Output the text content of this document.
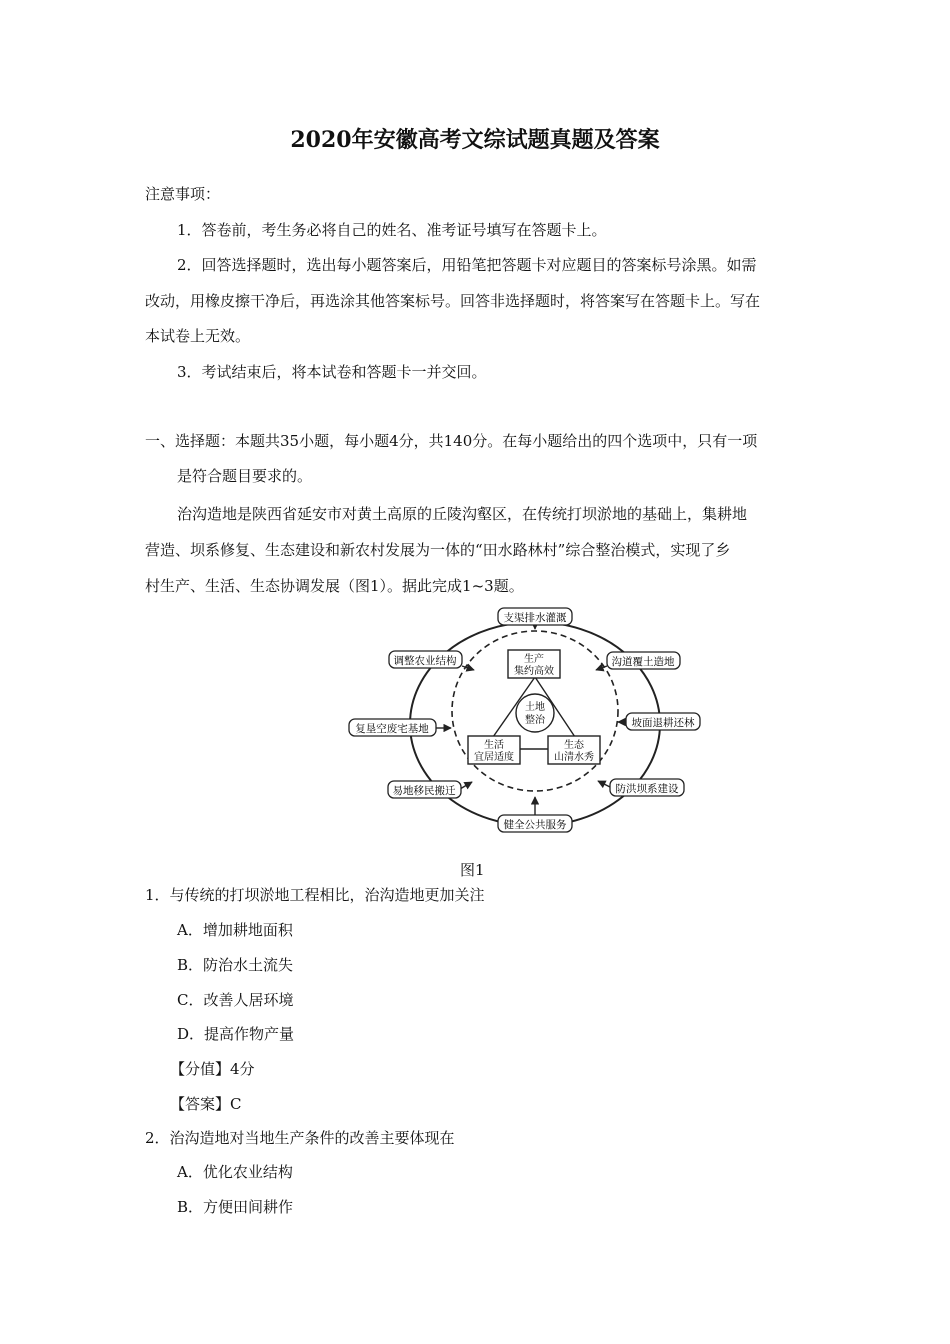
2020年安徽高考文综试题真题及答案
注意事项：
1．答卷前，考生务必将自己的姓名、准考证号填写在答题卡上。
2．回答选择题时，选出每小题答案后，用铅笔把答题卡对应题目的答案标号涂黑。如需
改动，用橡皮擦干净后，再选涂其他答案标号。回答非选择题时，将答案写在答题卡上。写在
本试卷上无效。
3．考试结束后，将本试卷和答题卡一并交回。
一、选择题：本题共35小题，每小题4分，共140分。在每小题给出的四个选项中，只有一项
是符合题目要求的。
治沟造地是陕西省延安市对黄土高原的丘陵沟壑区，在传统打坝淤地的基础上，集耕地
营造、坝系修复、生态建设和新农村发展为一体的“田水路林村”综合整治模式，实现了乡
村生产、生活、生态协调发展（图1）。据此完成1~3题。
土地
整治
生产
集约高效
生活
宜居适度
生态
山清水秀
支渠排水灌溉
调整农业结构	沟道覆土造地
复垦空废宅基地	坡面退耕还林
易地移民搬迁	防洪坝系建设
健全公共服务
图1
1．与传统的打坝淤地工程相比，治沟造地更加关注
A．增加耕地面积
B．防治水土流失
C．改善人居环境
D．提高作物产量
【分值】4分
【答案】C
2．治沟造地对当地生产条件的改善主要体现在
A．优化农业结构
B．方便田间耕作
